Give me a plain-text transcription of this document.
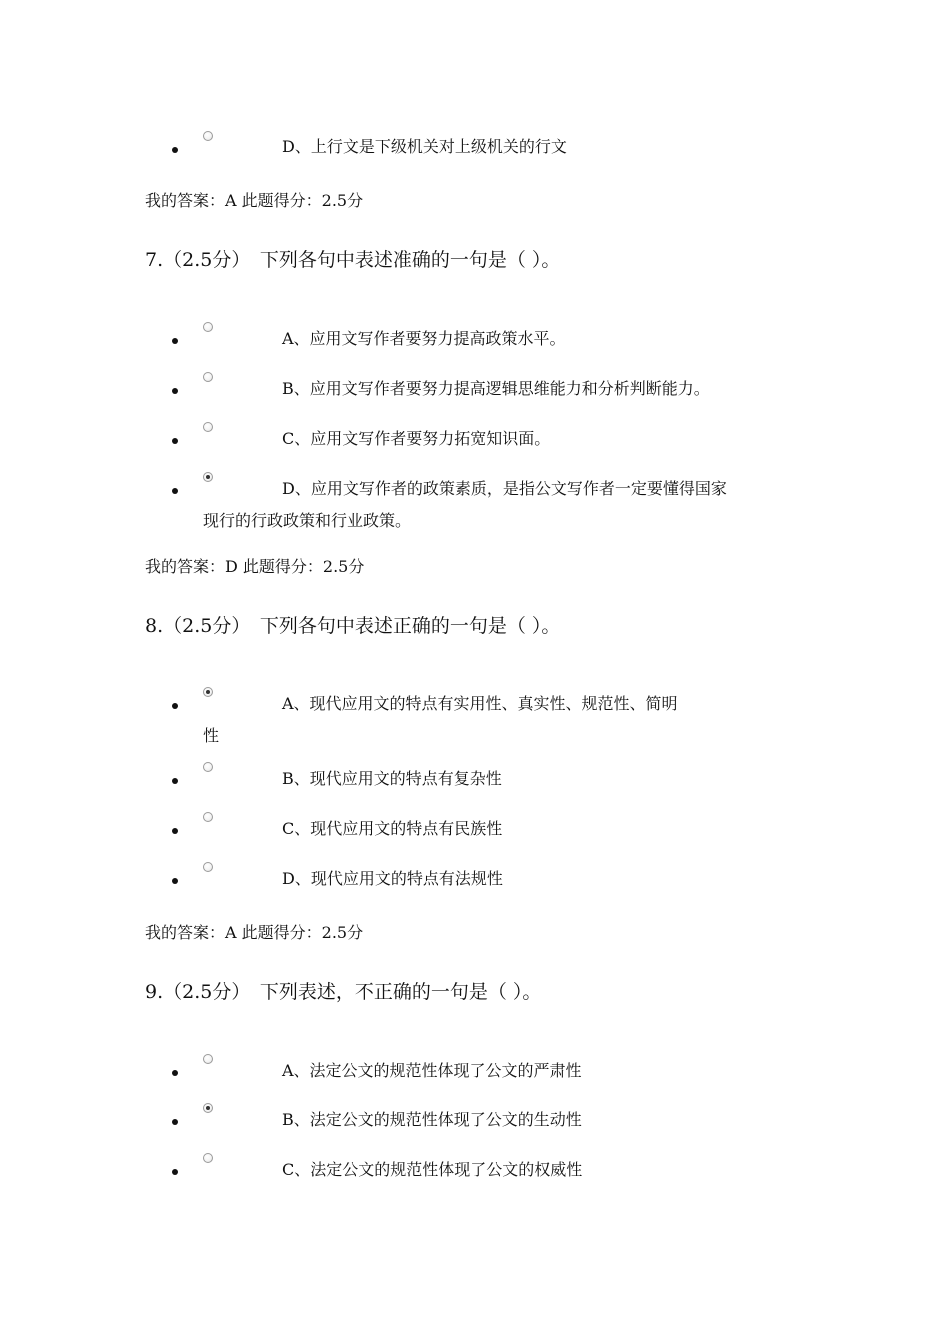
D、上行文是下级机关对上级机关的行文
我的答案：A 此题得分：2.5分
7.（2.5分）　下列各句中表述准确的一句是（ ）。
A、应用文写作者要努力提高政策水平。
B、应用文写作者要努力提高逻辑思维能力和分析判断能力。
C、应用文写作者要努力拓宽知识面。
D、应用文写作者的政策素质，是指公文写作者一定要懂得国家
现行的行政政策和行业政策。
我的答案：D 此题得分：2.5分
8.（2.5分）　下列各句中表述正确的一句是（ ）。
A、现代应用文的特点有实用性、真实性、规范性、简明
性
B、现代应用文的特点有复杂性
C、现代应用文的特点有民族性
D、现代应用文的特点有法规性
我的答案：A 此题得分：2.5分
9.（2.5分）　下列表述，不正确的一句是（ ）。
A、法定公文的规范性体现了公文的严肃性
B、法定公文的规范性体现了公文的生动性
C、法定公文的规范性体现了公文的权威性
